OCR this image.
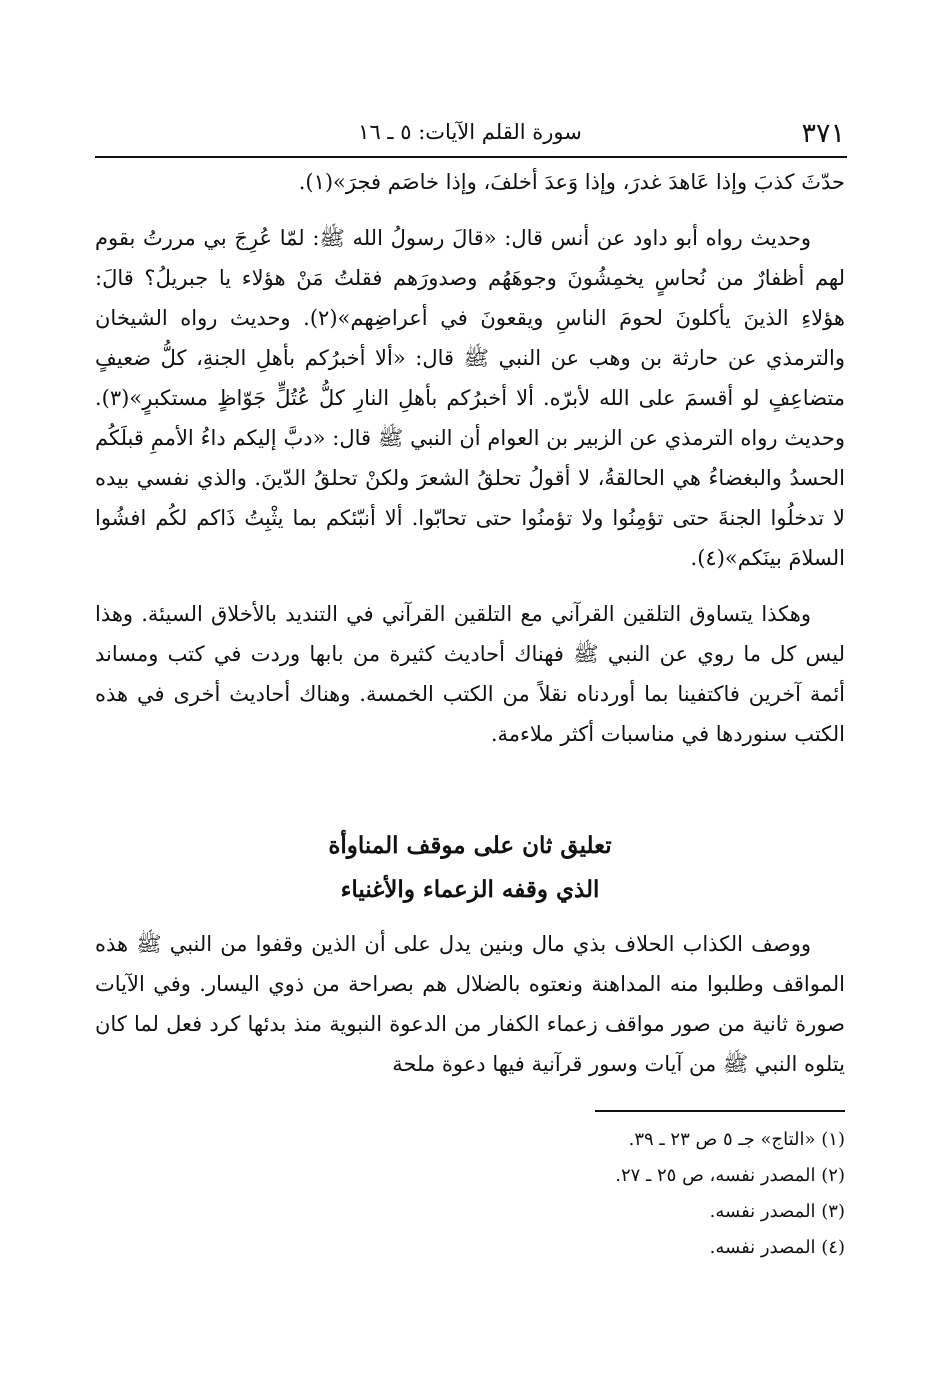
٣٧١
سورة القلم الآيات: ٥ ـ ١٦

حدّثَ كذبَ وإذا عَاهدَ غدرَ، وإذا وَعدَ أخلفَ، وإذا خاصَم فجرَ»(١).

وحديث رواه أبو داود عن أنس قال: «قالَ رسولُ الله ﷺ: لمّا عُرِجَ بي مررتُ بقوم لهم أظفارٌ من نُحاسٍ يخمِشُونَ وجوهَهُم وصدورَهم فقلتُ مَنْ هؤلاء يا جبريلُ؟ قالَ: هؤلاءِ الذينَ يأكلونَ لحومَ الناسِ ويقعونَ في أعراضِهم»(٢). وحديث رواه الشيخان والترمذي عن حارثة بن وهب عن النبي ﷺ قال: «ألا أخبرُكم بأهلِ الجنةِ، كلُّ ضعيفٍ متضاعِفٍ لو أقسمَ على الله لأبرّه. ألا أخبرُكم بأهلِ النارِ كلُّ عُتُلٍّ جَوّاظٍ مستكبرٍ»(٣). وحديث رواه الترمذي عن الزبير بن العوام أن النبي ﷺ قال: «دبَّ إليكم داءُ الأممِ قبلَكُم الحسدُ والبغضاءُ هي الحالقةُ، لا أقولُ تحلقُ الشعرَ ولكنْ تحلقُ الدّينَ. والذي نفسي بيده لا تدخلُوا الجنةَ حتى تؤمِنُوا ولا تؤمنُوا حتى تحابّوا. ألا أنبّئكم بما يثْبِتُ ذَاكم لكُم افشُوا السلامَ بينَكم»(٤).

وهكذا يتساوق التلقين القرآني مع التلقين القرآني في التنديد بالأخلاق السيئة. وهذا ليس كل ما روي عن النبي ﷺ فهناك أحاديث كثيرة من بابها وردت في كتب ومساند أئمة آخرين فاكتفينا بما أوردناه نقلاً من الكتب الخمسة. وهناك أحاديث أخرى في هذه الكتب سنوردها في مناسبات أكثر ملاءمة.

تعليق ثان على موقف المناوأة
الذي وقفه الزعماء والأغنياء

ووصف الكذاب الحلاف بذي مال وبنين يدل على أن الذين وقفوا من النبي ﷺ هذه المواقف وطلبوا منه المداهنة ونعتوه بالضلال هم بصراحة من ذوي اليسار. وفي الآيات صورة ثانية من صور مواقف زعماء الكفار من الدعوة النبوية منذ بدئها كرد فعل لما كان يتلوه النبي ﷺ من آيات وسور قرآنية فيها دعوة ملحة

(١) «التاج» جـ ٥ ص ٢٣ ـ ٣٩.
(٢) المصدر نفسه، ص ٢٥ ـ ٢٧.
(٣) المصدر نفسه.
(٤) المصدر نفسه.
